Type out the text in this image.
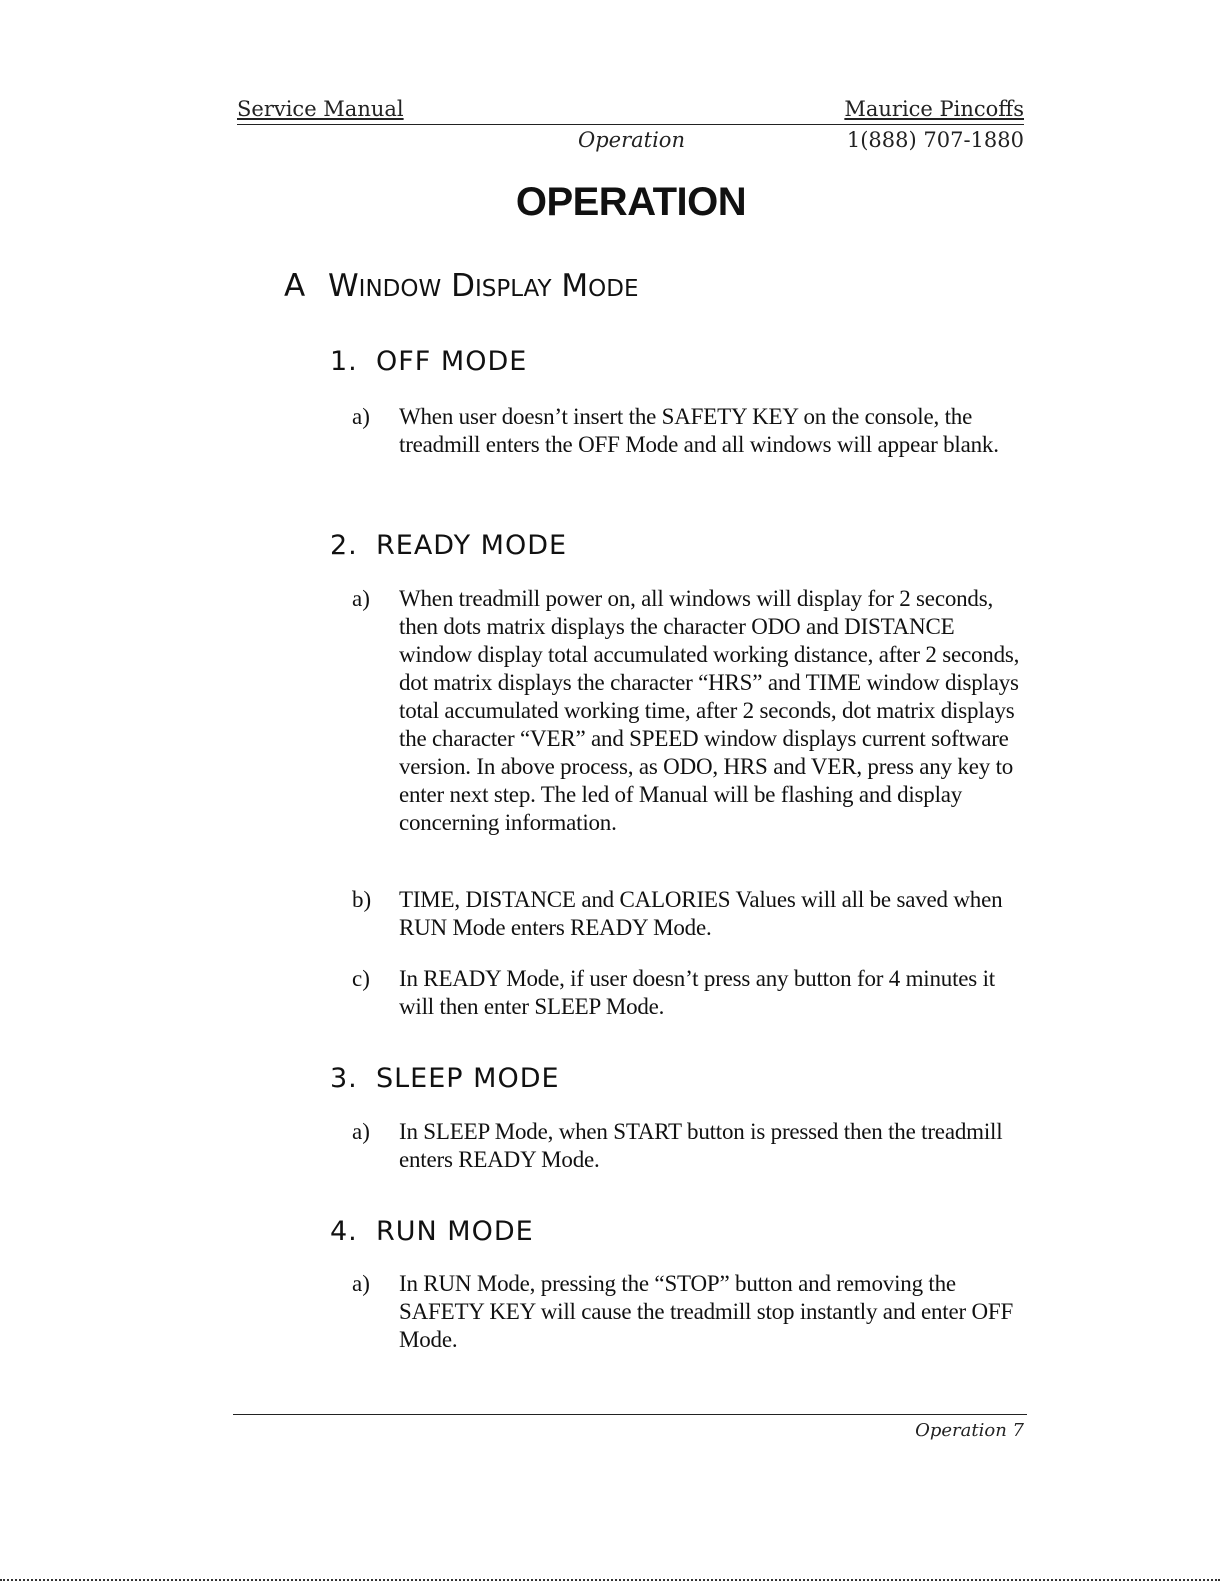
Service Manual	Maurice Pincoffs
Operation	1(888) 707-1880
OPERATION
A WINDOW DISPLAY MODE
1. OFF MODE
a)	When user doesn’t insert the SAFETY KEY on the console, the treadmill enters the OFF Mode and all windows will appear blank.
2. READY MODE
a)	When treadmill power on, all windows will display for 2 seconds, then dots matrix displays the character ODO and DISTANCE window display total accumulated working distance, after 2 seconds, dot matrix displays the character “HRS” and TIME window displays total accumulated working time, after 2 seconds, dot matrix displays the character “VER” and SPEED window displays current software version. In above process, as ODO, HRS and VER, press any key to enter next step. The led of Manual will be flashing and display concerning information.
b)	TIME, DISTANCE and CALORIES Values will all be saved when RUN Mode enters READY Mode.
c)	In READY Mode, if user doesn’t press any button for 4 minutes it will then enter SLEEP Mode.
3. SLEEP MODE
a)	In SLEEP Mode, when START button is pressed then the treadmill enters READY Mode.
4. RUN MODE
a)	In RUN Mode, pressing the “STOP” button and removing the SAFETY KEY will cause the treadmill stop instantly and enter OFF Mode.
Operation 7
